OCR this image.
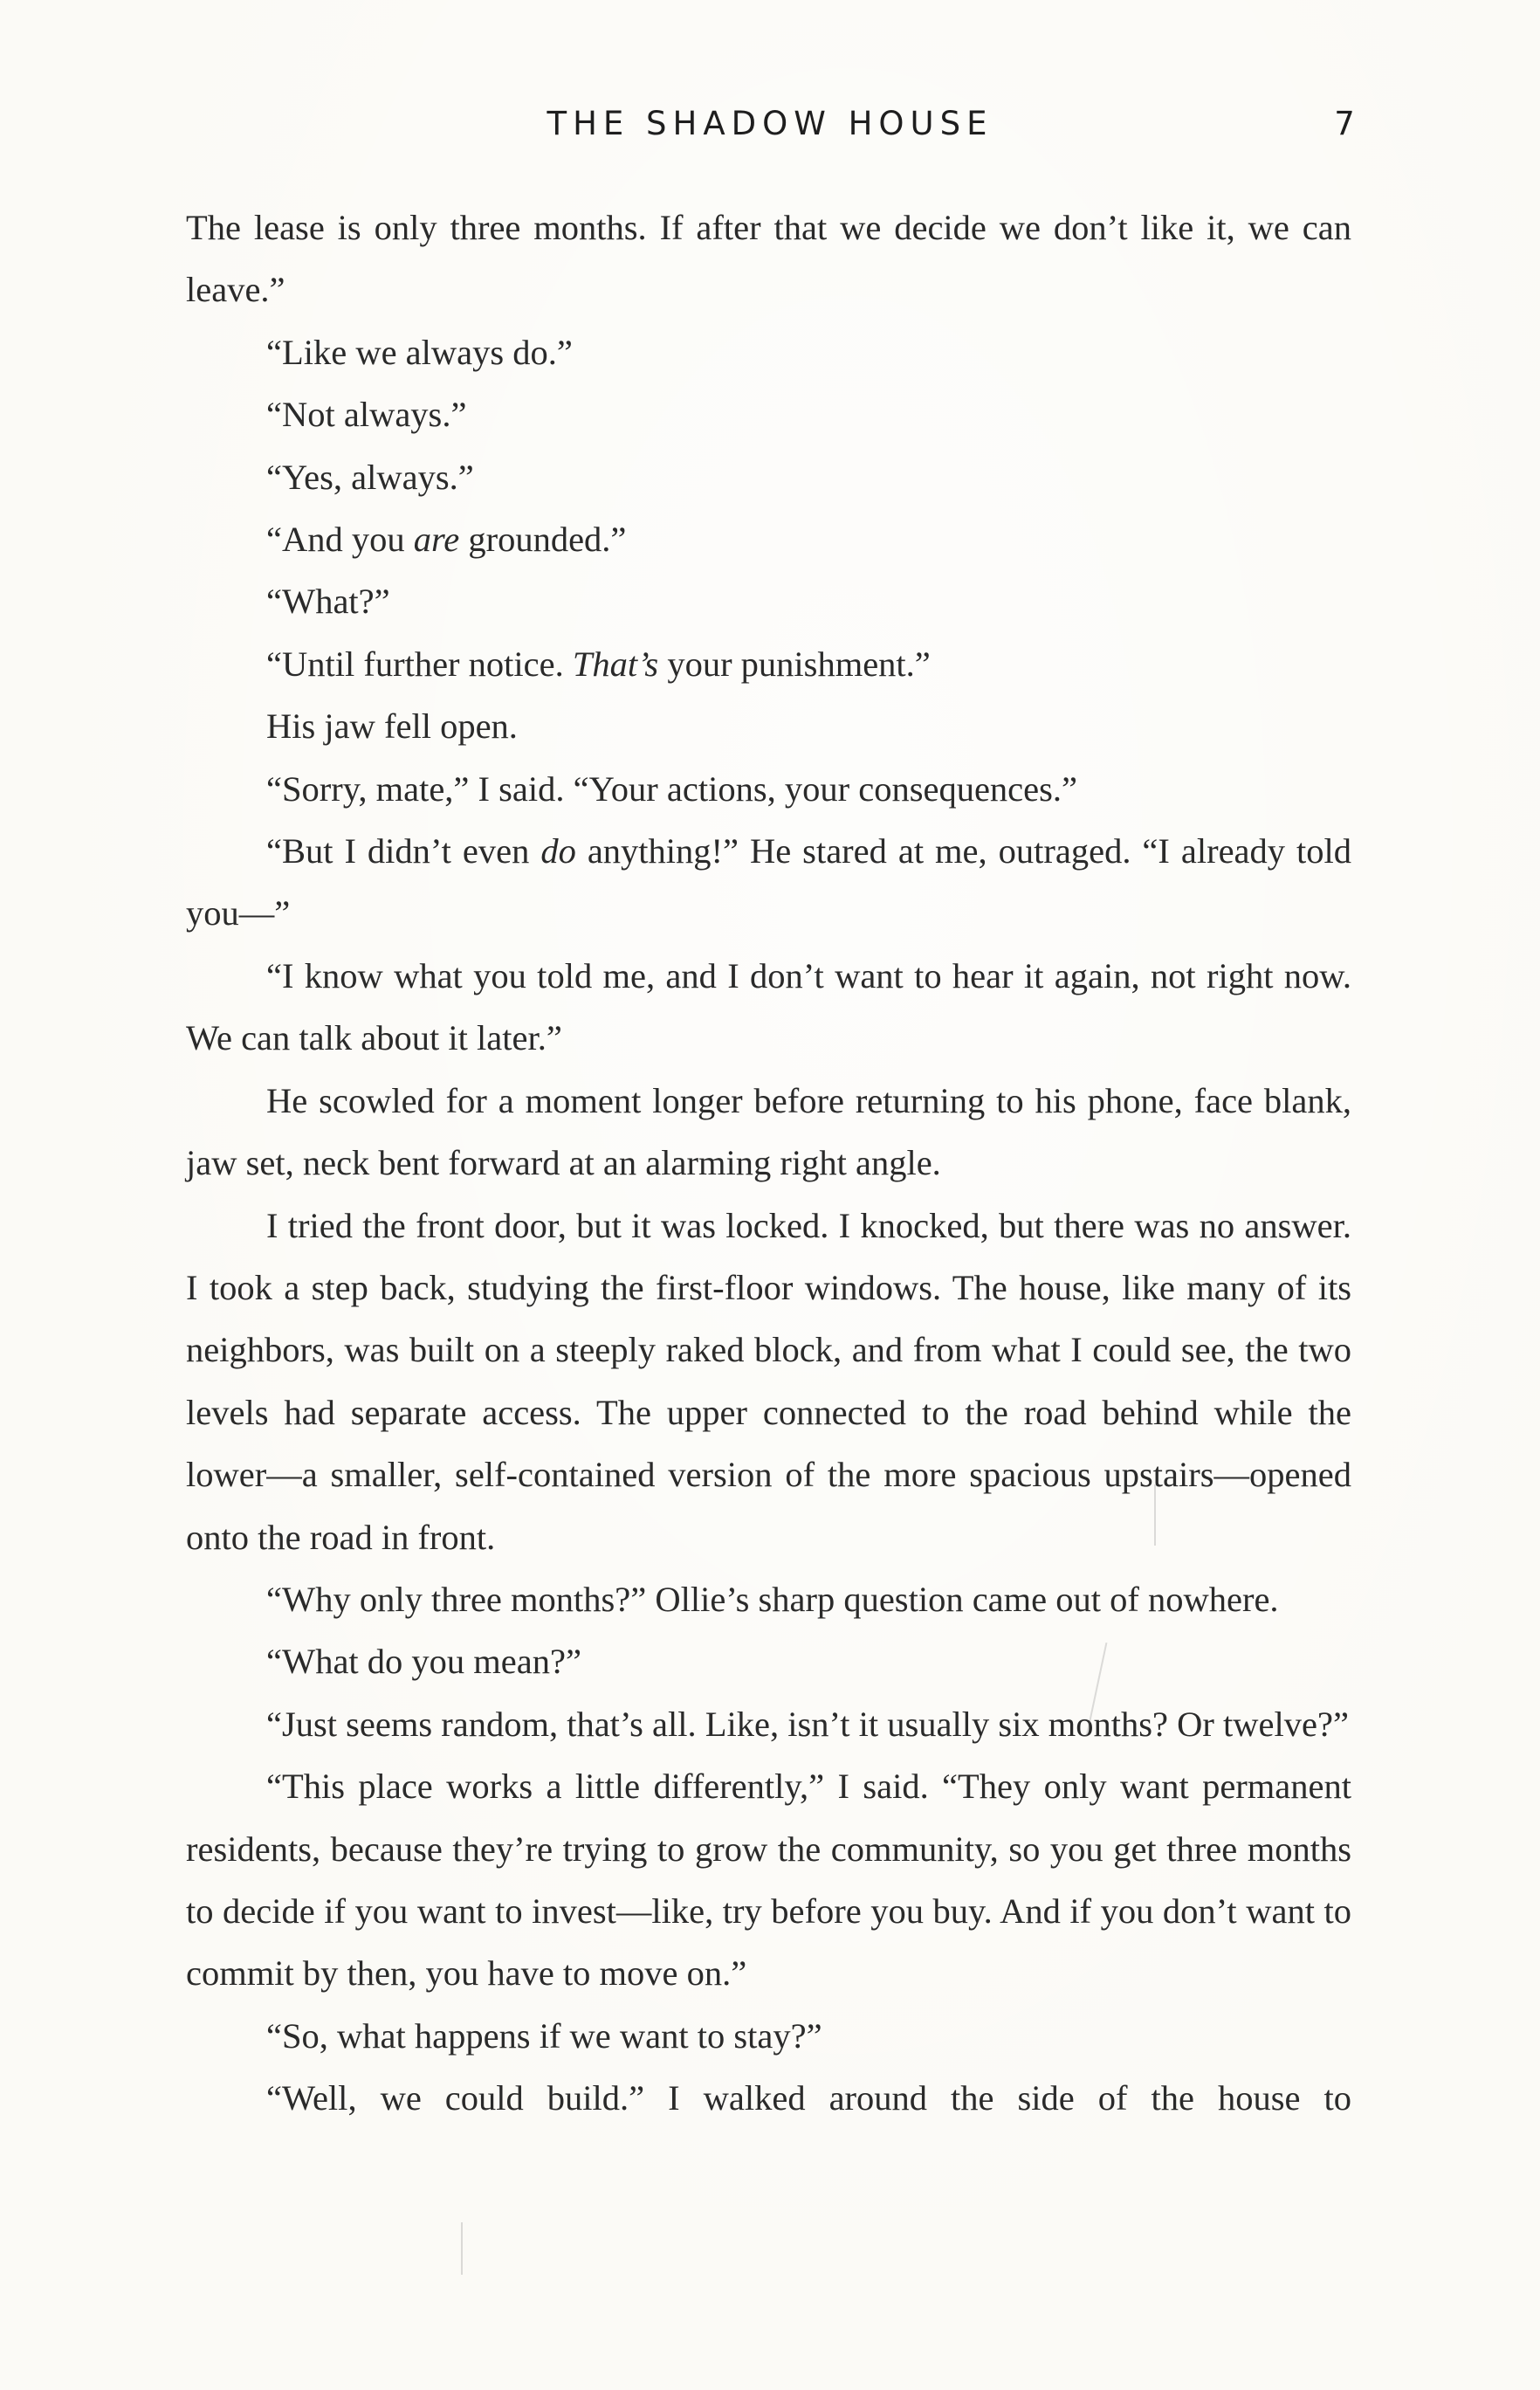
THE SHADOW HOUSE	7

The lease is only three months. If after that we decide we don’t like it, we can leave.”

“Like we always do.”

“Not always.”

“Yes, always.”

“And you are grounded.”

“What?”

“Until further notice. That’s your punishment.”

His jaw fell open.

“Sorry, mate,” I said. “Your actions, your consequences.”

“But I didn’t even do anything!” He stared at me, outraged. “I already told you—”

“I know what you told me, and I don’t want to hear it again, not right now. We can talk about it later.”

He scowled for a moment longer before returning to his phone, face blank, jaw set, neck bent forward at an alarming right angle.

I tried the front door, but it was locked. I knocked, but there was no answer. I took a step back, studying the first-floor windows. The house, like many of its neighbors, was built on a steeply raked block, and from what I could see, the two levels had separate access. The upper connected to the road behind while the lower—a smaller, self-contained version of the more spacious upstairs—opened onto the road in front.

“Why only three months?” Ollie’s sharp question came out of nowhere.

“What do you mean?”

“Just seems random, that’s all. Like, isn’t it usually six months? Or twelve?”

“This place works a little differently,” I said. “They only want permanent residents, because they’re trying to grow the community, so you get three months to decide if you want to invest—like, try before you buy. And if you don’t want to commit by then, you have to move on.”

“So, what happens if we want to stay?”

“Well, we could build.” I walked around the side of the house to
